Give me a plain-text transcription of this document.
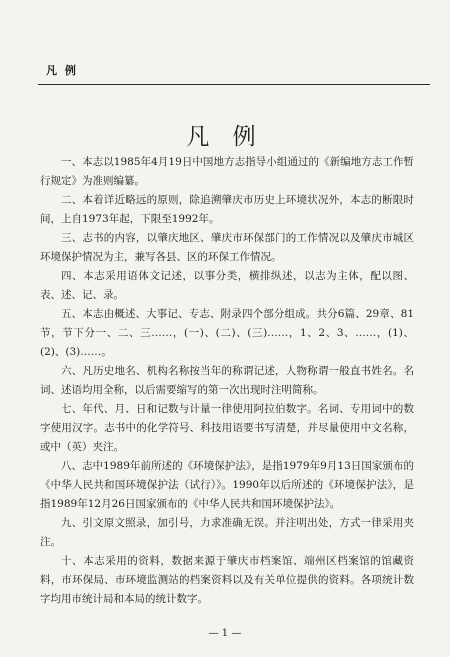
凡 例
凡 例

一、本志以1985年4月19日中国地方志指导小组通过的《新编地方志工作暂行规定》为准则编纂。

二、本着详近略远的原则，除追溯肇庆市历史上环境状况外，本志的断限时间，上自1973年起，下限至1992年。

三、志书的内容，以肇庆地区、肇庆市环保部门的工作情况以及肇庆市城区环境保护情况为主，兼写各县、区的环保工作情况。

四、本志采用语体文记述，以事分类，横排纵述，以志为主体，配以图、表、述、记、录。

五、本志由概述、大事记、专志、附录四个部分组成。共分6篇、29章、81节，节下分一、二、三……，(一)、(二)、(三)……，1、2、3、……，(1)、(2)、(3)……。

六、凡历史地名、机构名称按当年的称谓记述，人物称谓一般直书姓名。名词、述语均用全称，以后需要缩写的第一次出现时注明简称。

七、年代、月、日和记数与计量一律使用阿拉伯数字。名词、专用词中的数字使用汉字。志书中的化学符号、科技用语要书写清楚，并尽量使用中文名称，或中（英）夹注。

八、志中1989年前所述的《环境保护法》，是指1979年9月13日国家颁布的《中华人民共和国环境保护法（试行）》。1990年以后所述的《环境保护法》，是指1989年12月26日国家颁布的《中华人民共和国环境保护法》。

九、引文原文照录，加引号，力求准确无误。并注明出处，方式一律采用夹注。

十、本志采用的资料，数据来源于肇庆市档案馆、端州区档案馆的馆藏资料，市环保局、市环境监测站的档案资料以及有关单位提供的资料。各项统计数字均用市统计局和本局的统计数字。

— 1 —
